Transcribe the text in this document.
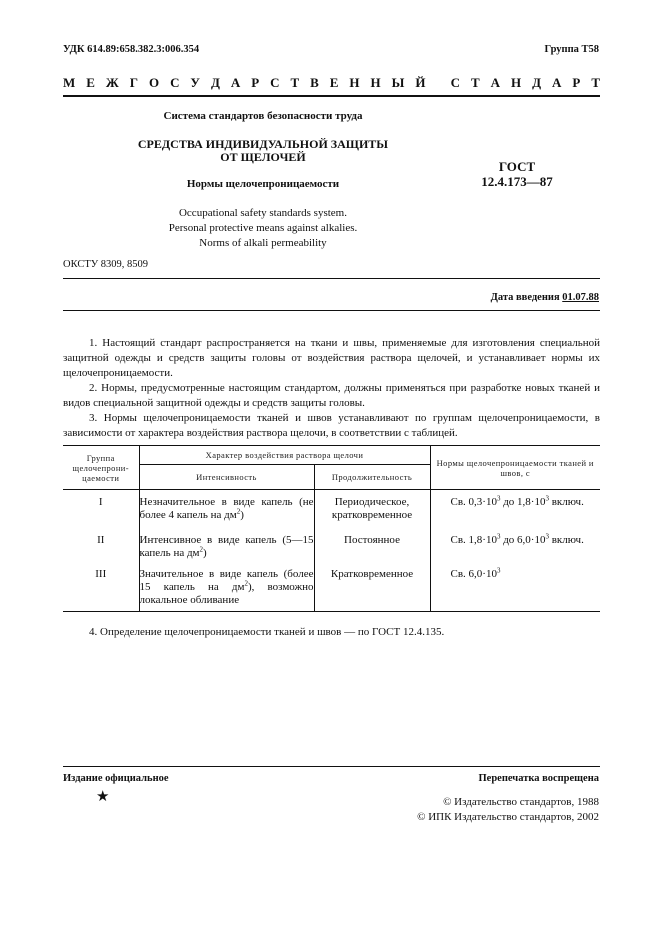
УДК 614.89:658.382.3:006.354	Группа Т58
М Е Ж Г О С У Д А Р С Т В Е Н Н Ы Й
С Т А Н Д А Р Т
Система стандартов безопасности труда
СРЕДСТВА ИНДИВИДУАЛЬНОЙ ЗАЩИТЫ
ОТ ЩЕЛОЧЕЙ
Нормы щелочепроницаемости
Occupational safety standards system.
Personal protective means against alkalies.
Norms of alkali permeability
ГОСТ
12.4.173—87
ОКСТУ 8309, 8509
Дата введения 01.07.88

1. Настоящий стандарт распространяется на ткани и швы, применяемые для изготовления специальной защитной одежды и средств защиты головы от воздействия раствора щелочей, и устанавливает нормы их щелочепроницаемости.

2. Нормы, предусмотренные настоящим стандартом, должны применяться при разработке новых тканей и видов специальной защитной одежды и средств защиты головы.

3. Нормы щелочепроницаемости тканей и швов устанавливают по группам щелочепроницаемости, в зависимости от характера воздействия раствора щелочи, в соответствии с таблицей.

Группа щелочепрони-цаемости	Характер воздействия раствора щелочи		Нормы щелочепроницаемости тканей и швов, с
	Интенсивность	Продолжительность	
I	Незначительное в виде капель (не более 4 капель на $дм^2$)	Периодическое, кратковременное	Св. $0,3\cdot 10^3$ до $1,8\cdot 10^3$ включ.
II	Интенсивное в виде капель (5—15 капель на $дм^2$)	Постоянное	Св. $1,8\cdot 10^3$ до $6,0\cdot 10^3$ включ.
III	Значительное в виде капель (более 15 капель на $дм^2$), возможно локальное обливание	Кратковременное	Св. $6,0\cdot 10^3$
4. Определение щелочепроницаемости тканей и швов — по ГОСТ 12.4.135.
Издание официальное	Перепечатка воспрещена
★	© Издательство стандартов, 1988
© ИПК Издательство стандартов, 2002
